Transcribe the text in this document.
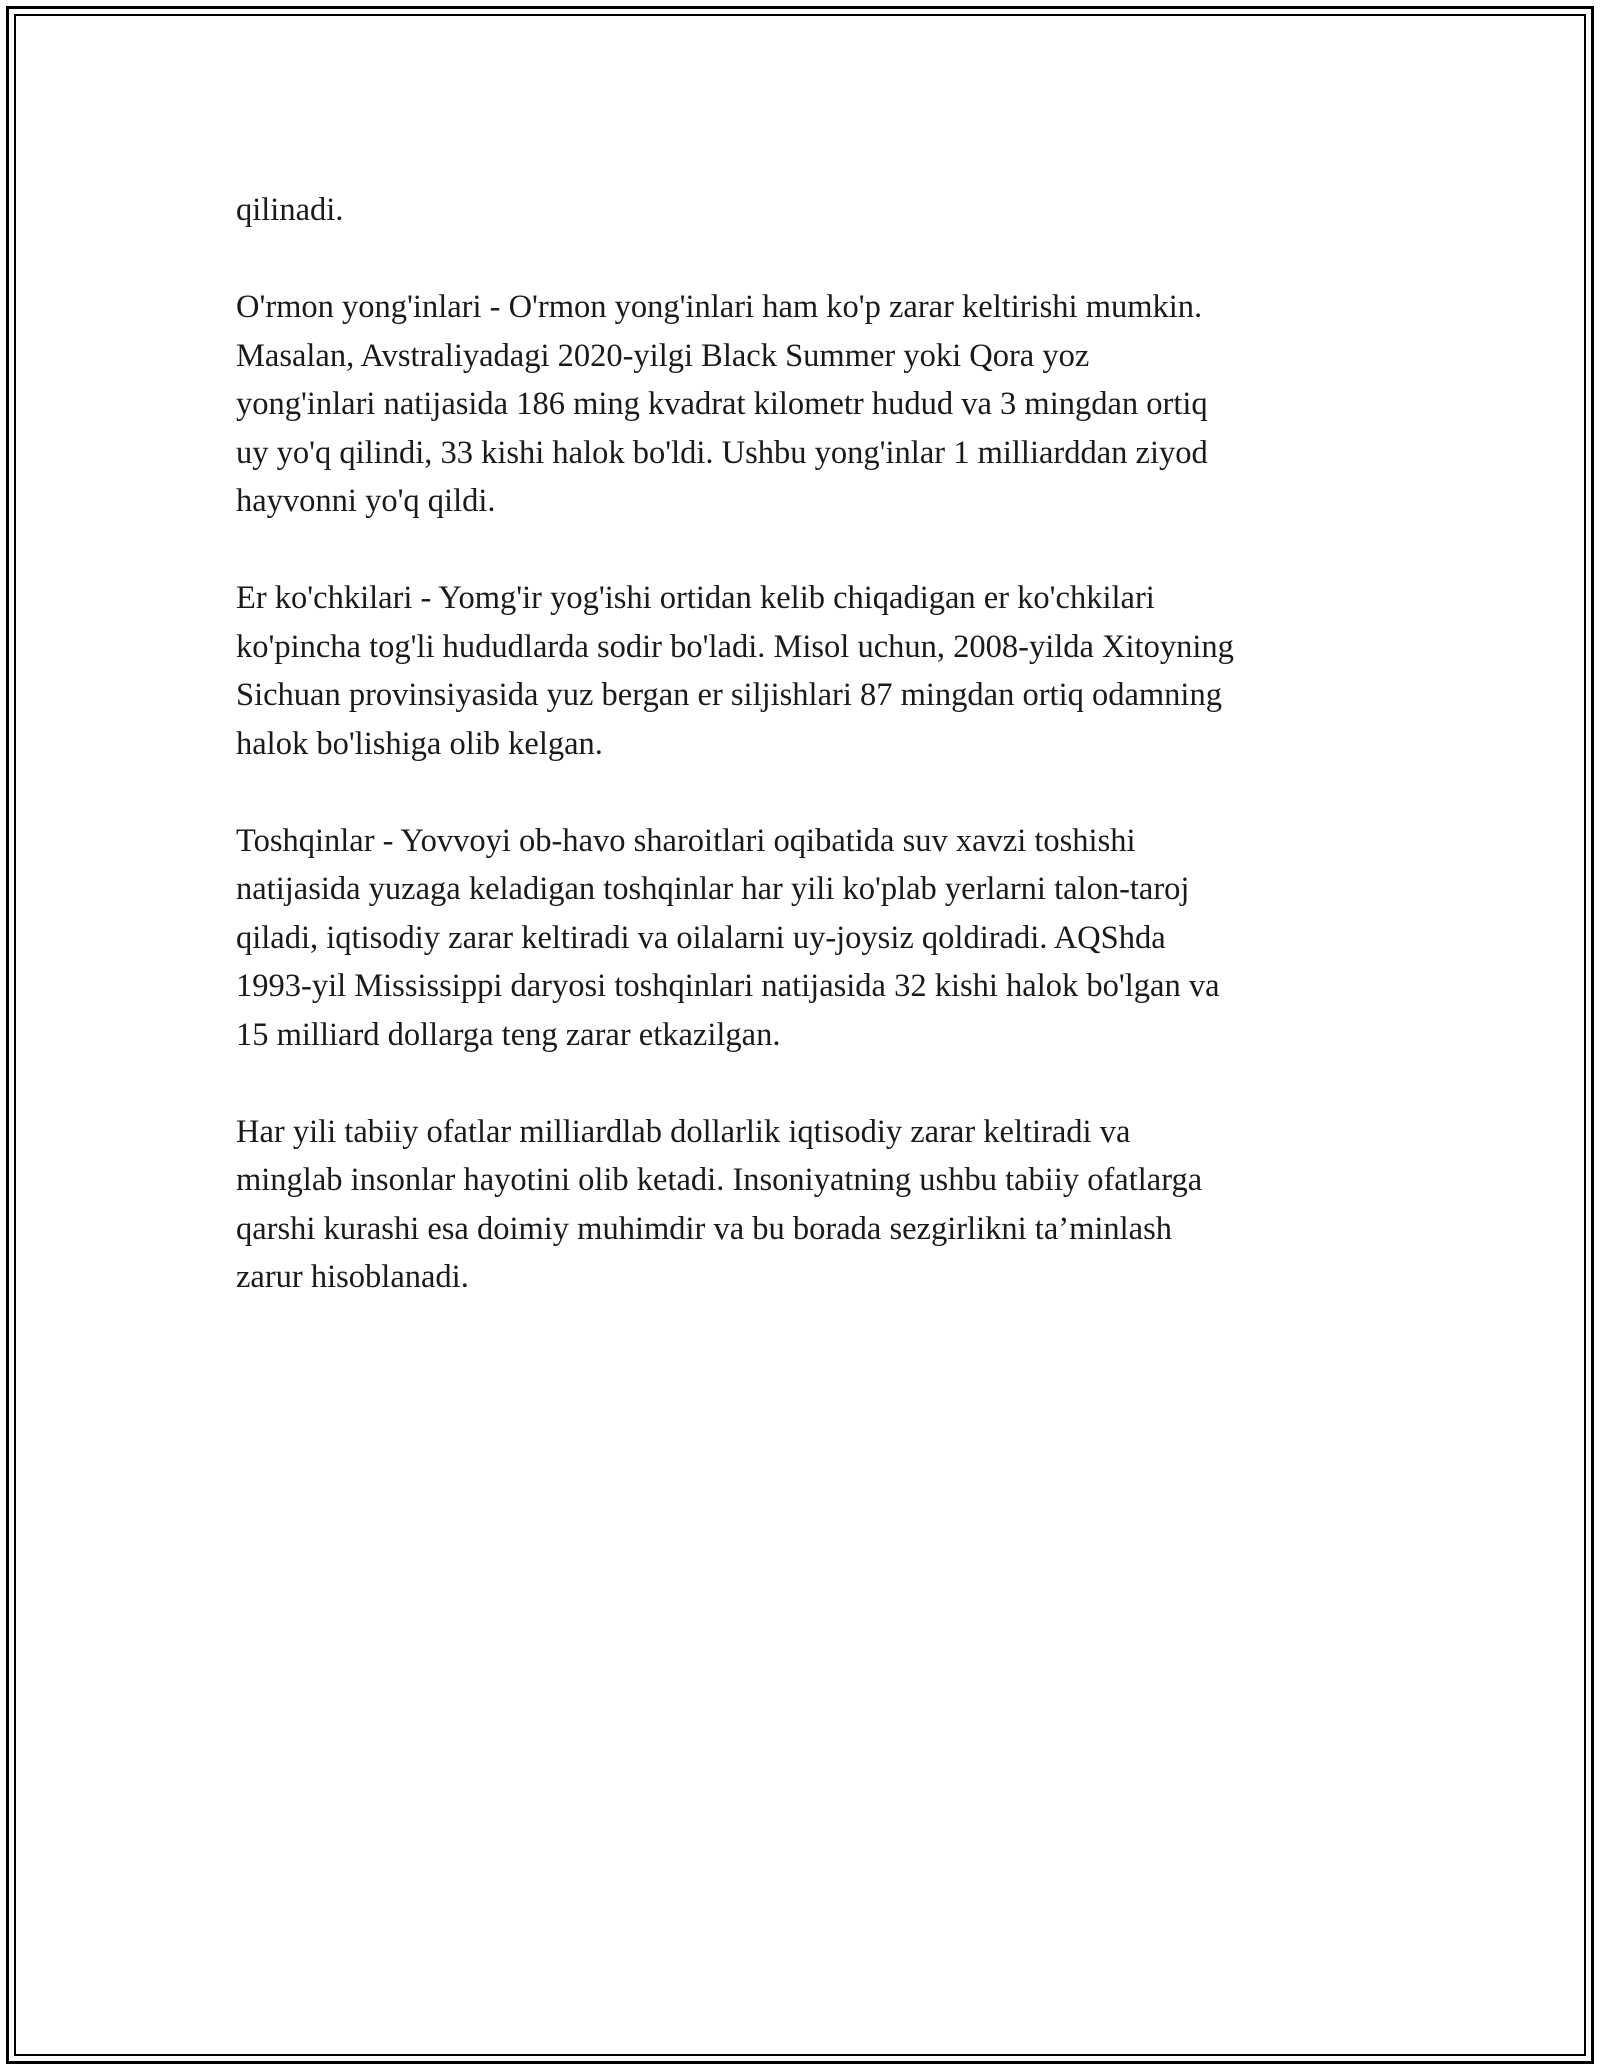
qilinadi.

O'rmon yong'inlari - O'rmon yong'inlari ham ko'p zarar keltirishi mumkin.
Masalan, Avstraliyadagi 2020-yilgi Black Summer yoki Qora yoz
yong'inlari natijasida 186 ming kvadrat kilometr hudud va 3 mingdan ortiq
uy yo'q qilindi, 33 kishi halok bo'ldi. Ushbu yong'inlar 1 milliarddan ziyod
hayvonni yo'q qildi.

Er ko'chkilari - Yomg'ir yog'ishi ortidan kelib chiqadigan er ko'chkilari
ko'pincha tog'li hududlarda sodir bo'ladi. Misol uchun, 2008-yilda Xitoyning
Sichuan provinsiyasida yuz bergan er siljishlari 87 mingdan ortiq odamning
halok bo'lishiga olib kelgan.

Toshqinlar - Yovvoyi ob-havo sharoitlari oqibatida suv xavzi toshishi
natijasida yuzaga keladigan toshqinlar har yili ko'plab yerlarni talon-taroj
qiladi, iqtisodiy zarar keltiradi va oilalarni uy-joysiz qoldiradi. AQShda
1993-yil Mississippi daryosi toshqinlari natijasida 32 kishi halok bo'lgan va
15 milliard dollarga teng zarar etkazilgan.

Har yili tabiiy ofatlar milliardlab dollarlik iqtisodiy zarar keltiradi va
minglab insonlar hayotini olib ketadi. Insoniyatning ushbu tabiiy ofatlarga
qarshi kurashi esa doimiy muhimdir va bu borada sezgirlikni ta’minlash
zarur hisoblanadi.
